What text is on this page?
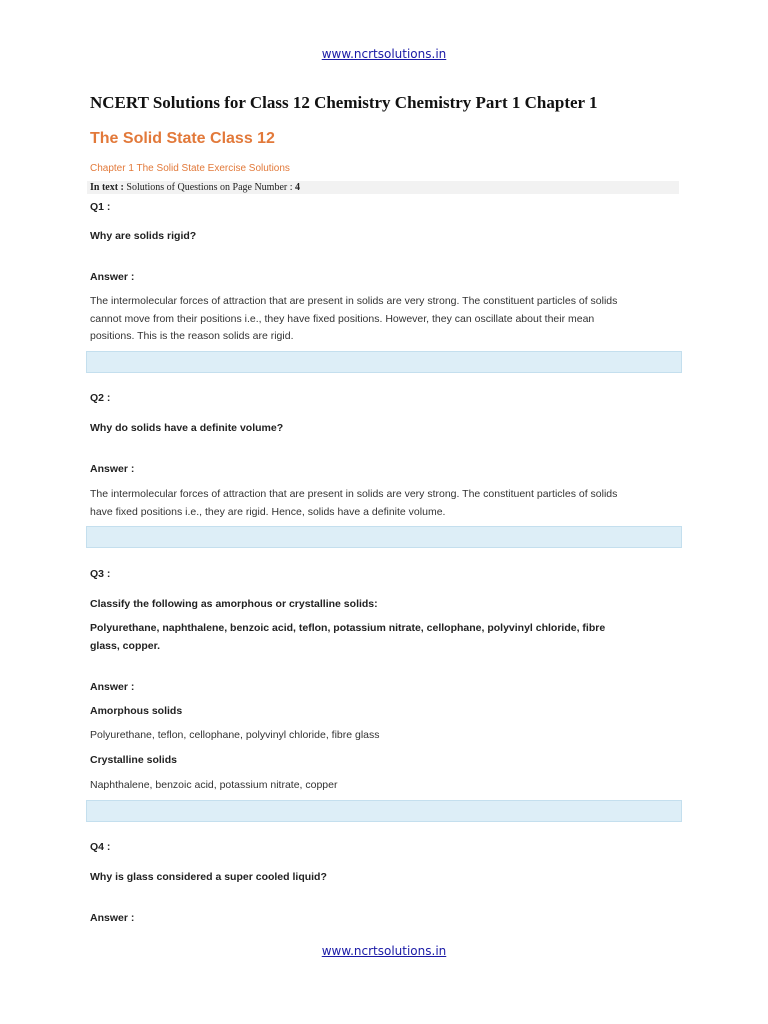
www.ncrtsolutions.in
NCERT Solutions for Class 12 Chemistry Chemistry Part 1 Chapter 1
The Solid State Class 12
Chapter 1 The Solid State Exercise Solutions
In text : Solutions of Questions on Page Number : 4
Q1 :
Why are solids rigid?
Answer :
The intermolecular forces of attraction that are present in solids are very strong. The constituent particles of solids
cannot move from their positions i.e., they have fixed positions. However, they can oscillate about their mean
positions. This is the reason solids are rigid.
Q2 :
Why do solids have a definite volume?
Answer :
The intermolecular forces of attraction that are present in solids are very strong. The constituent particles of solids
have fixed positions i.e., they are rigid. Hence, solids have a definite volume.
Q3 :
Classify the following as amorphous or crystalline solids:
Polyurethane, naphthalene, benzoic acid, teflon, potassium nitrate, cellophane, polyvinyl chloride, fibre
glass, copper.
Answer :
Amorphous solids
Polyurethane, teflon, cellophane, polyvinyl chloride, fibre glass
Crystalline solids
Naphthalene, benzoic acid, potassium nitrate, copper
Q4 :
Why is glass considered a super cooled liquid?
Answer :
www.ncrtsolutions.in
